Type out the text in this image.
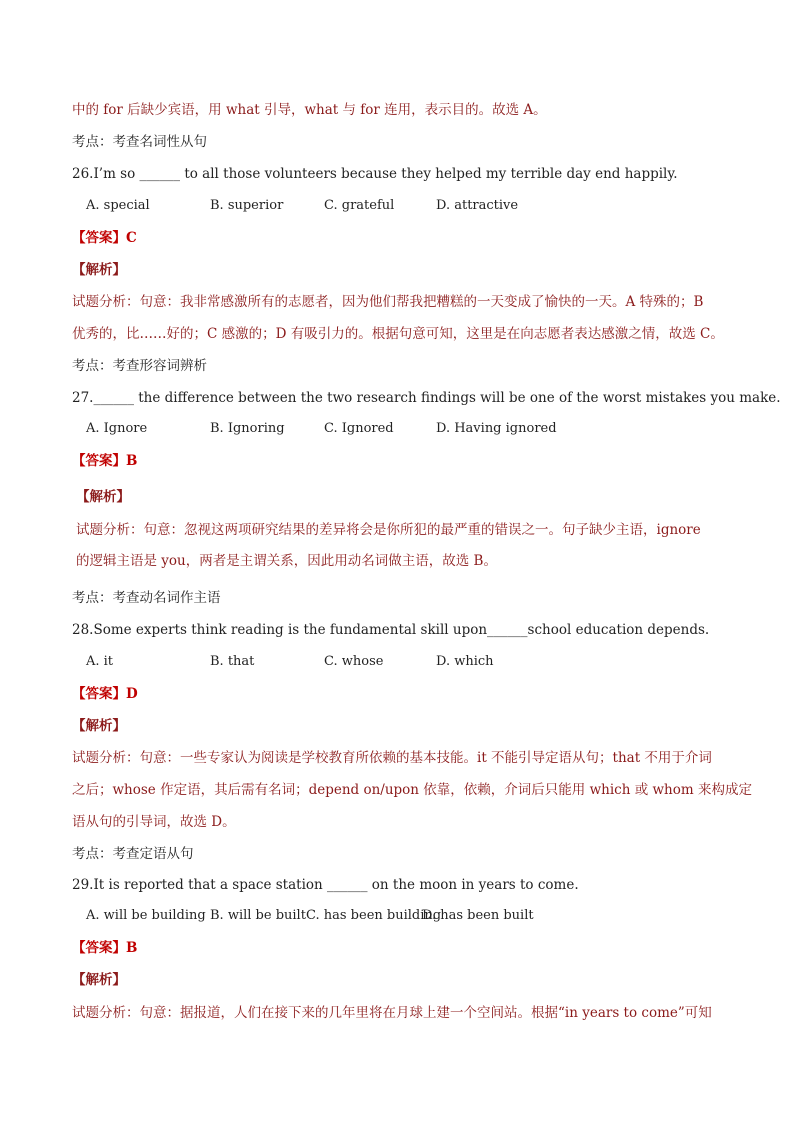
中的 for 后缺少宾语，用 what 引导，what 与 for 连用，表示目的。故选 A。
考点：考查名词性从句
26.I’m so ______ to all those volunteers because they helped my terrible day end happily.
A. special	B. superior	C. grateful	D. attractive
【答案】C
【解析】
试题分析：句意：我非常感激所有的志愿者，因为他们帮我把糟糕的一天变成了愉快的一天。A 特殊的；B
优秀的，比……好的；C 感激的；D 有吸引力的。根据句意可知，这里是在向志愿者表达感激之情，故选 C。
考点：考查形容词辨析
27.______ the difference between the two research findings will be one of the worst mistakes you make.
A. Ignore	B. Ignoring	C. Ignored	D. Having ignored
【答案】B
【解析】
试题分析：句意：忽视这两项研究结果的差异将会是你所犯的最严重的错误之一。句子缺少主语，ignore
的逻辑主语是 you，两者是主谓关系，因此用动名词做主语，故选 B。
考点：考查动名词作主语
28.Some experts think reading is the fundamental skill upon______school education depends.
A. it	B. that	C. whose	D. which
【答案】D
【解析】
试题分析：句意：一些专家认为阅读是学校教育所依赖的基本技能。it 不能引导定语从句；that 不用于介词
之后；whose 作定语，其后需有名词；depend on/upon 依靠，依赖，介词后只能用 which 或 whom 来构成定
语从句的引导词，故选 D。
考点：考查定语从句
29.It is reported that a space station ______ on the moon in years to come.
A. will be building B. will be built C. has been building
D. has been built
【答案】B
【解析】
试题分析：句意：据报道，人们在接下来的几年里将在月球上建一个空间站。根据“in years to come”可知
